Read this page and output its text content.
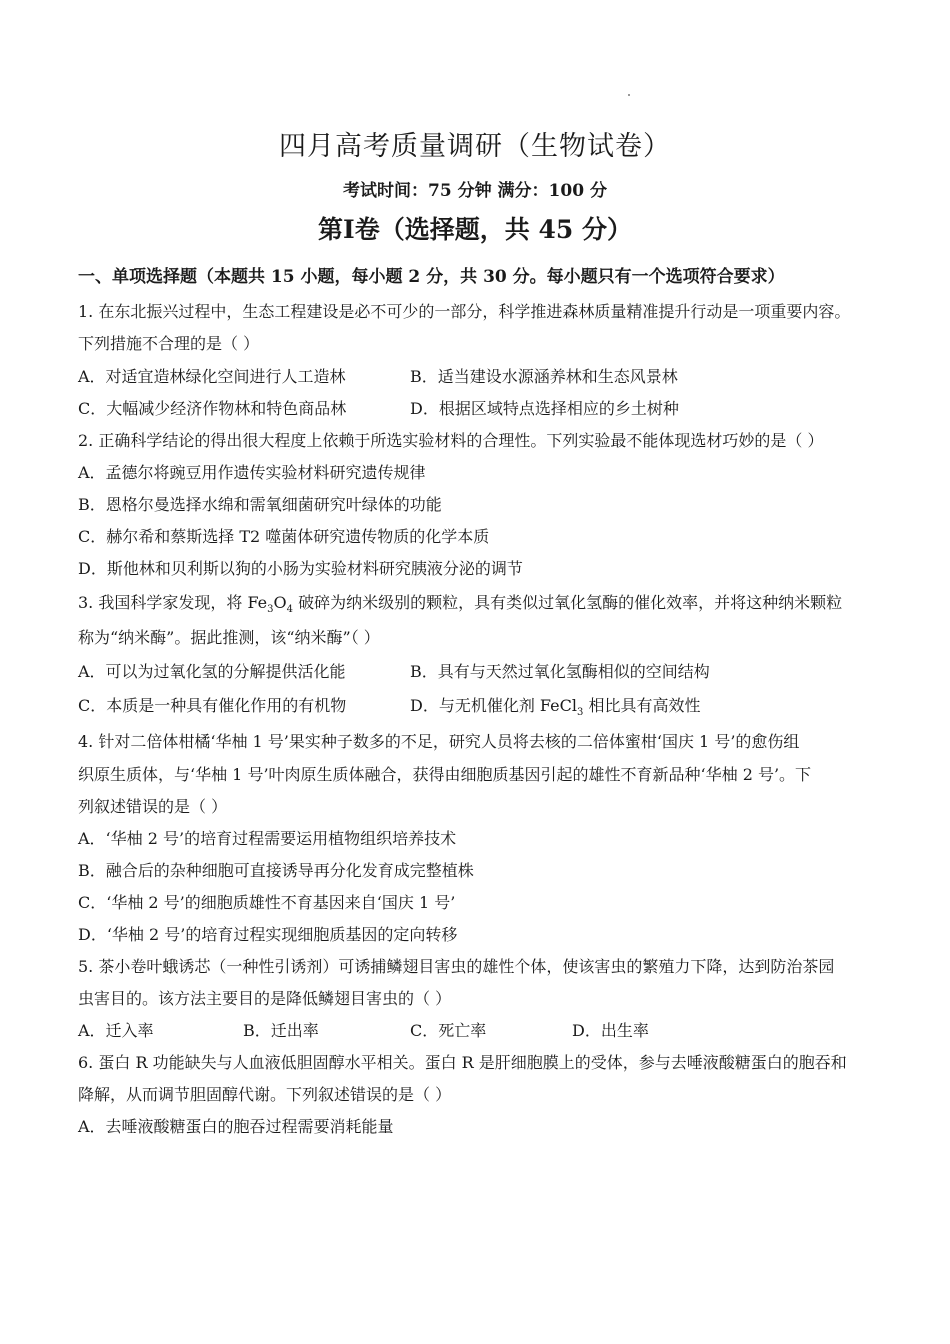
四月高考质量调研（生物试卷）
考试时间：75 分钟 满分：100 分
第Ⅰ卷（选择题，共 45 分）
一、单项选择题（本题共 15 小题，每小题 2 分，共 30 分。每小题只有一个选项符合要求）
1. 在东北振兴过程中，生态工程建设是必不可少的一部分，科学推进森林质量精准提升行动是一项重要内容。
下列措施不合理的是（ ）
A．对适宜造林绿化空间进行人工造林	B．适当建设水源涵养林和生态风景林
C．大幅减少经济作物林和特色商品林	D．根据区域特点选择相应的乡土树种
2. 正确科学结论的得出很大程度上依赖于所选实验材料的合理性。下列实验最不能体现选材巧妙的是（ ）
A．孟德尔将豌豆用作遗传实验材料研究遗传规律
B．恩格尔曼选择水绵和需氧细菌研究叶绿体的功能
C．赫尔希和蔡斯选择 T2 噬菌体研究遗传物质的化学本质
D．斯他林和贝利斯以狗的小肠为实验材料研究胰液分泌的调节
3. 我国科学家发现，将 $Fe_3O_4$ 破碎为纳米级别的颗粒，具有类似过氧化氢酶的催化效率，并将这种纳米颗粒
称为“纳米酶”。据此推测，该“纳米酶”（ ）
A．可以为过氧化氢的分解提供活化能	B．具有与天然过氧化氢酶相似的空间结构
C．本质是一种具有催化作用的有机物	D．与无机催化剂 FeCl$_3$ 相比具有高效性
4. 针对二倍体柑橘‘华柚 1 号’果实种子数多的不足，研究人员将去核的二倍体蜜柑‘国庆 1 号’的愈伤组
织原生质体，与‘华柚 1 号’叶肉原生质体融合，获得由细胞质基因引起的雄性不育新品种‘华柚 2 号’。下
列叙述错误的是（ ）
A．‘华柚 2 号’的培育过程需要运用植物组织培养技术
B．融合后的杂种细胞可直接诱导再分化发育成完整植株
C．‘华柚 2 号’的细胞质雄性不育基因来自‘国庆 1 号’
D．‘华柚 2 号’的培育过程实现细胞质基因的定向转移
5. 茶小卷叶蛾诱芯（一种性引诱剂）可诱捕鳞翅目害虫的雄性个体，使该害虫的繁殖力下降，达到防治茶园
虫害目的。该方法主要目的是降低鳞翅目害虫的（ ）
A．迁入率	B．迁出率	C．死亡率	D．出生率
6. 蛋白 R 功能缺失与人血液低胆固醇水平相关。蛋白 R 是肝细胞膜上的受体，参与去唾液酸糖蛋白的胞吞和
降解，从而调节胆固醇代谢。下列叙述错误的是（ ）
A．去唾液酸糖蛋白的胞吞过程需要消耗能量
